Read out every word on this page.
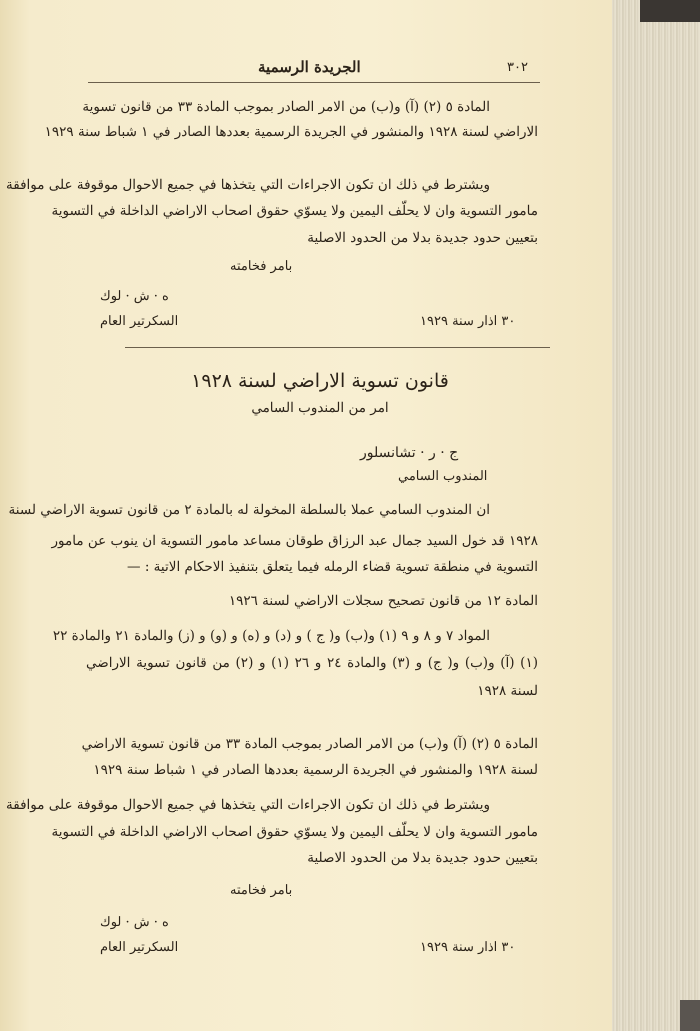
الجريدة الرسمية	٣٠٢
المادة ٥ (٢) (آ) و(ب) من الامر الصادر بموجب المادة ٣٣ من قانون تسوية
الاراضي لسنة ١٩٢٨ والمنشور في الجريدة الرسمية بعددها الصادر في ١ شباط سنة ١٩٢٩
ويشترط في ذلك ان تكون الاجراءات التي يتخذها في جميع الاحوال موقوفة على موافقة
مامور التسوية وان لا يحلّف اليمين ولا يسوّي حقوق اصحاب الاراضي الداخلة في التسوية
بتعيين حدود جديدة بدلا من الحدود الاصلية
بامر فخامته
ه · ش · لوك
السكرتير العام	٣٠ اذار سنة ١٩٢٩
قانون تسوية الاراضي لسنة ١٩٢٨
امر من المندوب السامي
ج · ر · تشانسلور
المندوب السامي
ان المندوب السامي عملا بالسلطة المخولة له بالمادة ٢ من قانون تسوية الاراضي لسنة
١٩٢٨ قد خول السيد جمال عبد الرزاق طوقان مساعد مامور التسوية ان ينوب عن مامور
التسوية في منطقة تسوية قضاء الرمله فيما يتعلق بتنفيذ الاحكام الاتية : —
المادة ١٢ من قانون تصحيح سجلات الاراضي لسنة ١٩٢٦
المواد ٧ و ٨ و ٩ (١) و(ب) و( ج ) و (د) و (ه) و (و) و (ز) والمادة ٢١ والمادة ٢٢
(١) (آ) و(ب) و( ج) و (٣) والمادة ٢٤ و ٢٦ (١) و (٢) من قانون تسوية الاراضي
لسنة ١٩٢٨
المادة ٥ (٢) (آ) و(ب) من الامر الصادر بموجب المادة ٣٣ من قانون تسوية الاراضي
لسنة ١٩٢٨ والمنشور في الجريدة الرسمية بعددها الصادر في ١ شباط سنة ١٩٢٩
ويشترط في ذلك ان تكون الاجراءات التي يتخذها في جميع الاحوال موقوفة على موافقة
مامور التسوية وان لا يحلّف اليمين ولا يسوّي حقوق اصحاب الاراضي الداخلة في التسوية
بتعيين حدود جديدة بدلا من الحدود الاصلية
بامر فخامته
ه · ش · لوك
السكرتير العام	٣٠ اذار سنة ١٩٢٩
